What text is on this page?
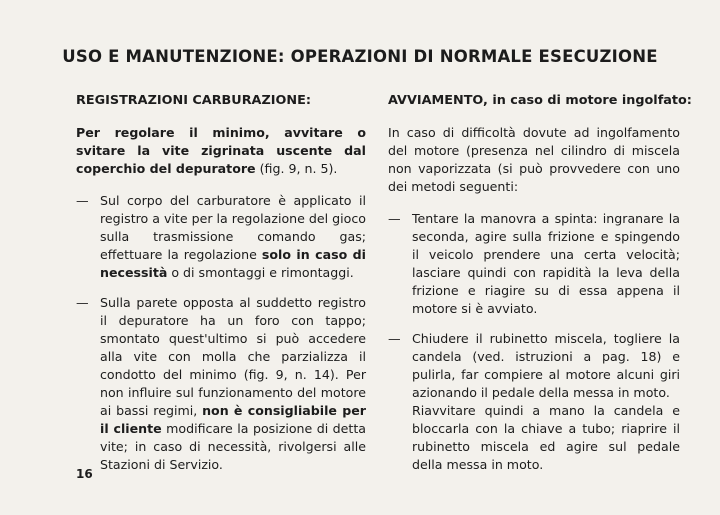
USO E MANUTENZIONE: OPERAZIONI DI NORMALE ESECUZIONE
REGISTRAZIONI CARBURAZIONE:

Per regolare il minimo, avvitare o svitare la vite zigrinata uscente dal coperchio del depuratore (fig. 9, n. 5).

— Sul corpo del carburatore è applicato il registro a vite per la regolazione del gioco sulla trasmissione comando gas; effettuare la regolazione solo in caso di necessità o di smontaggi e rimontaggi.
— Sulla parete opposta al suddetto registro il depuratore ha un foro con tappo; smontato quest'ultimo si può accedere alla vite con molla che parzializza il condotto del minimo (fig. 9, n. 14). Per non influire sul funzionamento del motore ai bassi regimi, non è consigliabile per il cliente modificare la posizione di detta vite; in caso di necessità, rivolgersi alle Stazioni di Servizio.
AVVIAMENTO, in caso di motore ingolfato:

In caso di difficoltà dovute ad ingolfamento del motore (presenza nel cilindro di miscela non vaporizzata (si può provvedere con uno dei metodi seguenti:

— Tentare la manovra a spinta: ingranare la seconda, agire sulla frizione e spingendo il veicolo prendere una certa velocità; lasciare quindi con rapidità la leva della frizione e riagire su di essa appena il motore si è avviato.
— Chiudere il rubinetto miscela, togliere la candela (ved. istruzioni a pag. 18) e pulirla, far compiere al motore alcuni giri azionando il pedale della messa in moto.
Riavvitare quindi a mano la candela e bloccarla con la chiave a tubo; riaprire il rubinetto miscela ed agire sul pedale della messa in moto.
16
